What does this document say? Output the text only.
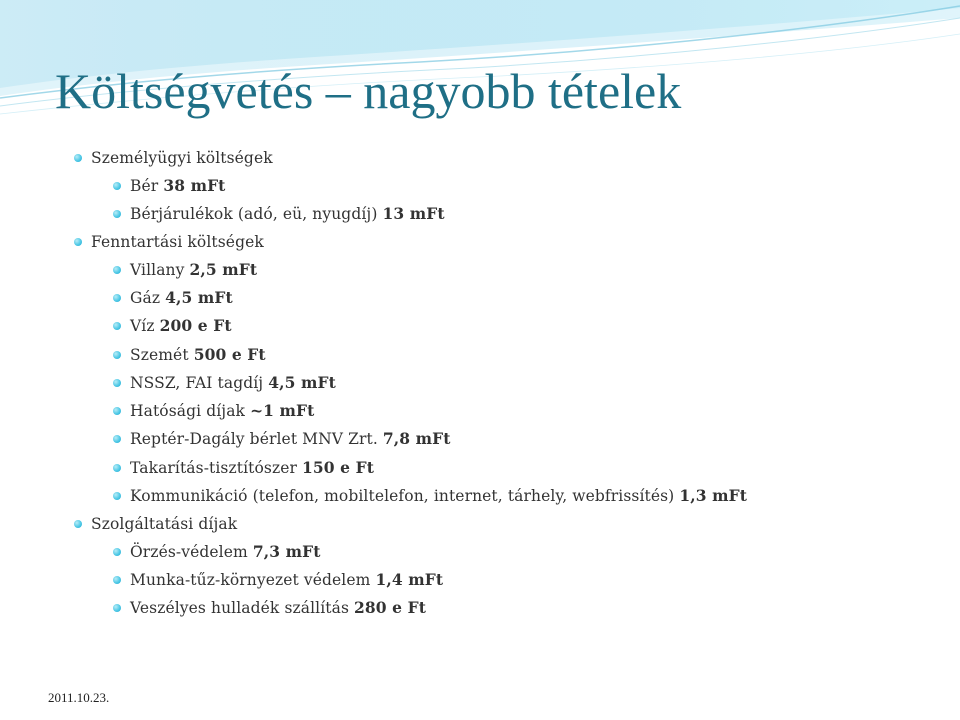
Költségvetés – nagyobb tételek
Személyügyi költségek
Bér 38 mFt
Bérjárulékok (adó, eü, nyugdíj) 13 mFt
Fenntartási költségek
Villany 2,5 mFt
Gáz 4,5 mFt
Víz 200 e Ft
Szemét 500 e Ft
NSSZ, FAI tagdíj 4,5 mFt
Hatósági díjak ~1 mFt
Reptér-Dagály bérlet MNV Zrt. 7,8 mFt
Takarítás-tisztítószer 150 e Ft
Kommunikáció (telefon, mobiltelefon, internet, tárhely, webfrissítés) 1,3 mFt
Szolgáltatási díjak
Örzés-védelem 7,3 mFt
Munka-tűz-környezet védelem 1,4 mFt
Veszélyes hulladék szállítás 280 e Ft
2011.10.23.
